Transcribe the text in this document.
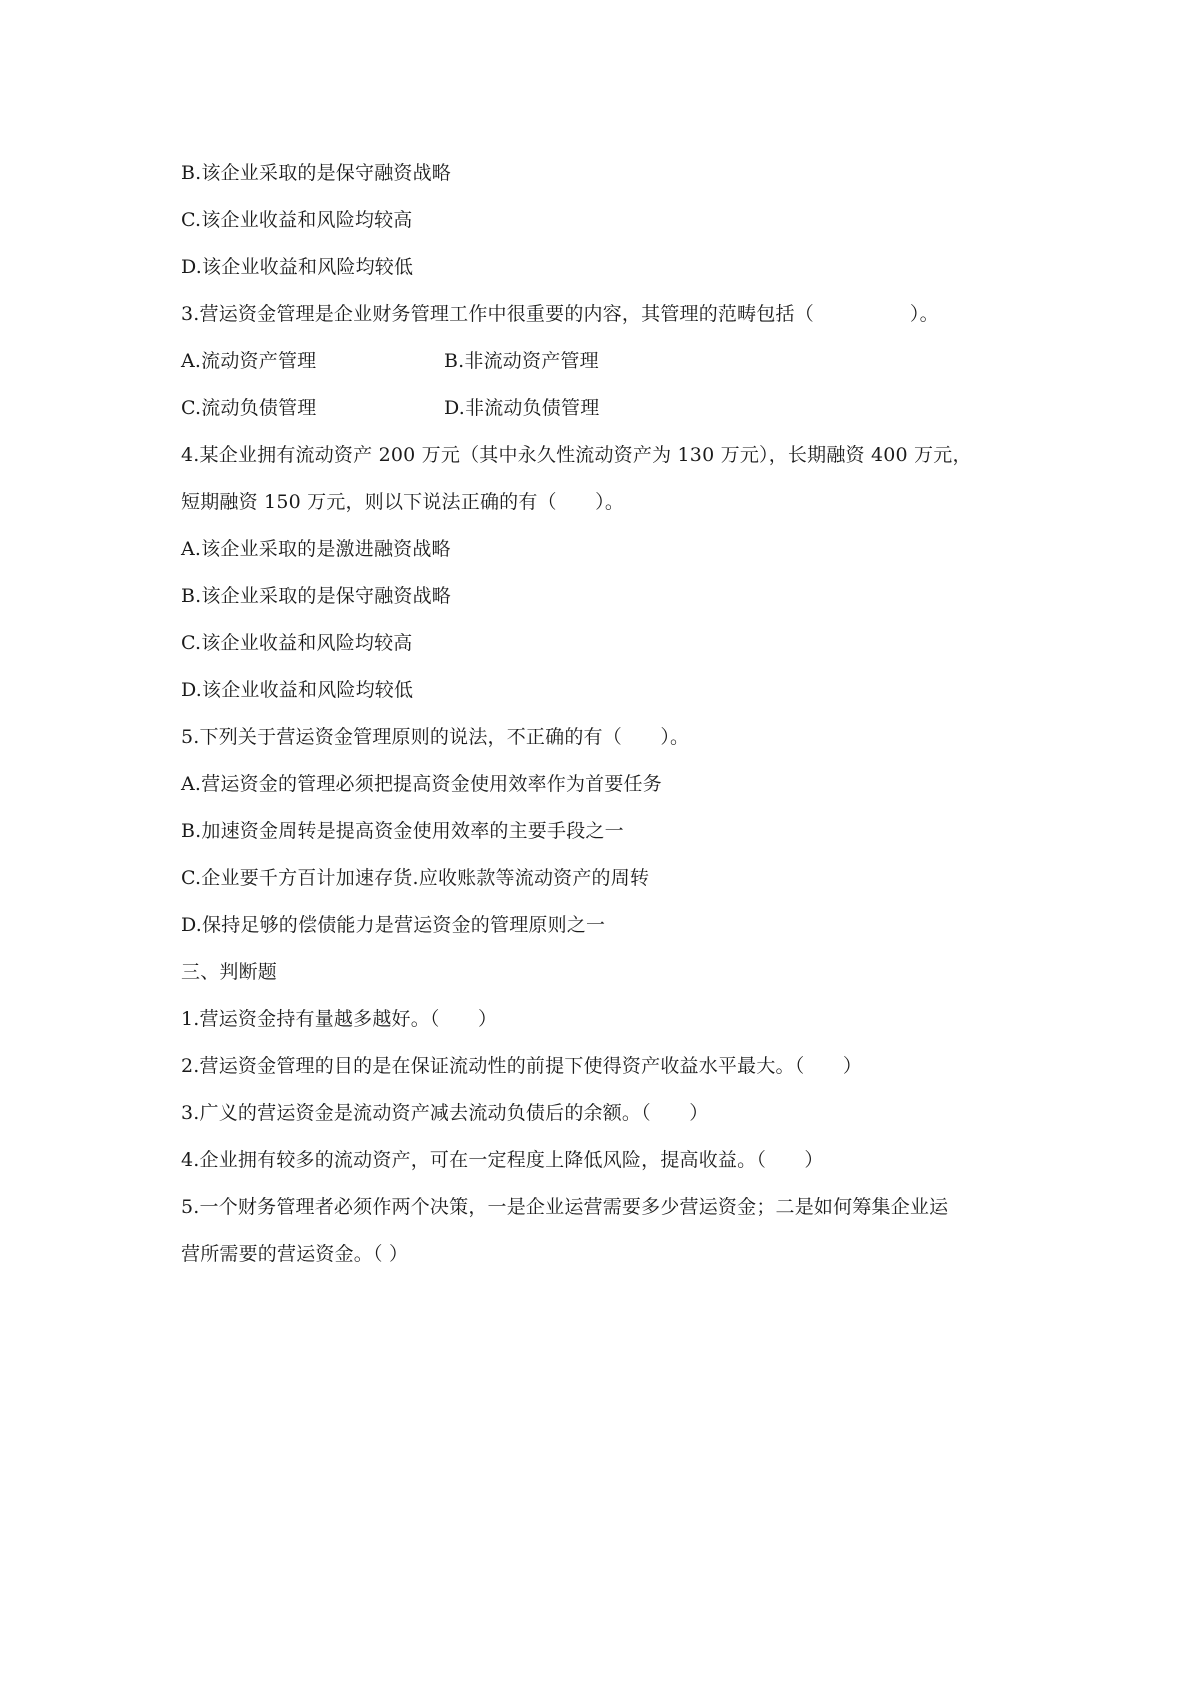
B.该企业采取的是保守融资战略
C.该企业收益和风险均较高
D.该企业收益和风险均较低
3.营运资金管理是企业财务管理工作中很重要的内容，其管理的范畴包括（　　　　　）。
A.流动资产管理	B.非流动资产管理
C.流动负债管理	D.非流动负债管理
4.某企业拥有流动资产 200 万元（其中永久性流动资产为 130 万元），长期融资 400 万元，
短期融资 150 万元，则以下说法正确的有（　　）。
A.该企业采取的是激进融资战略
B.该企业采取的是保守融资战略
C.该企业收益和风险均较高
D.该企业收益和风险均较低
5.下列关于营运资金管理原则的说法，不正确的有（　　）。
A.营运资金的管理必须把提高资金使用效率作为首要任务
B.加速资金周转是提高资金使用效率的主要手段之一
C.企业要千方百计加速存货.应收账款等流动资产的周转
D.保持足够的偿债能力是营运资金的管理原则之一
三、判断题
1.营运资金持有量越多越好。（　　）
2.营运资金管理的目的是在保证流动性的前提下使得资产收益水平最大。（　　）
3.广义的营运资金是流动资产减去流动负债后的余额。（　　）
4.企业拥有较多的流动资产，可在一定程度上降低风险，提高收益。（　　）
5.一个财务管理者必须作两个决策，一是企业运营需要多少营运资金；二是如何筹集企业运
营所需要的营运资金。（ ）
